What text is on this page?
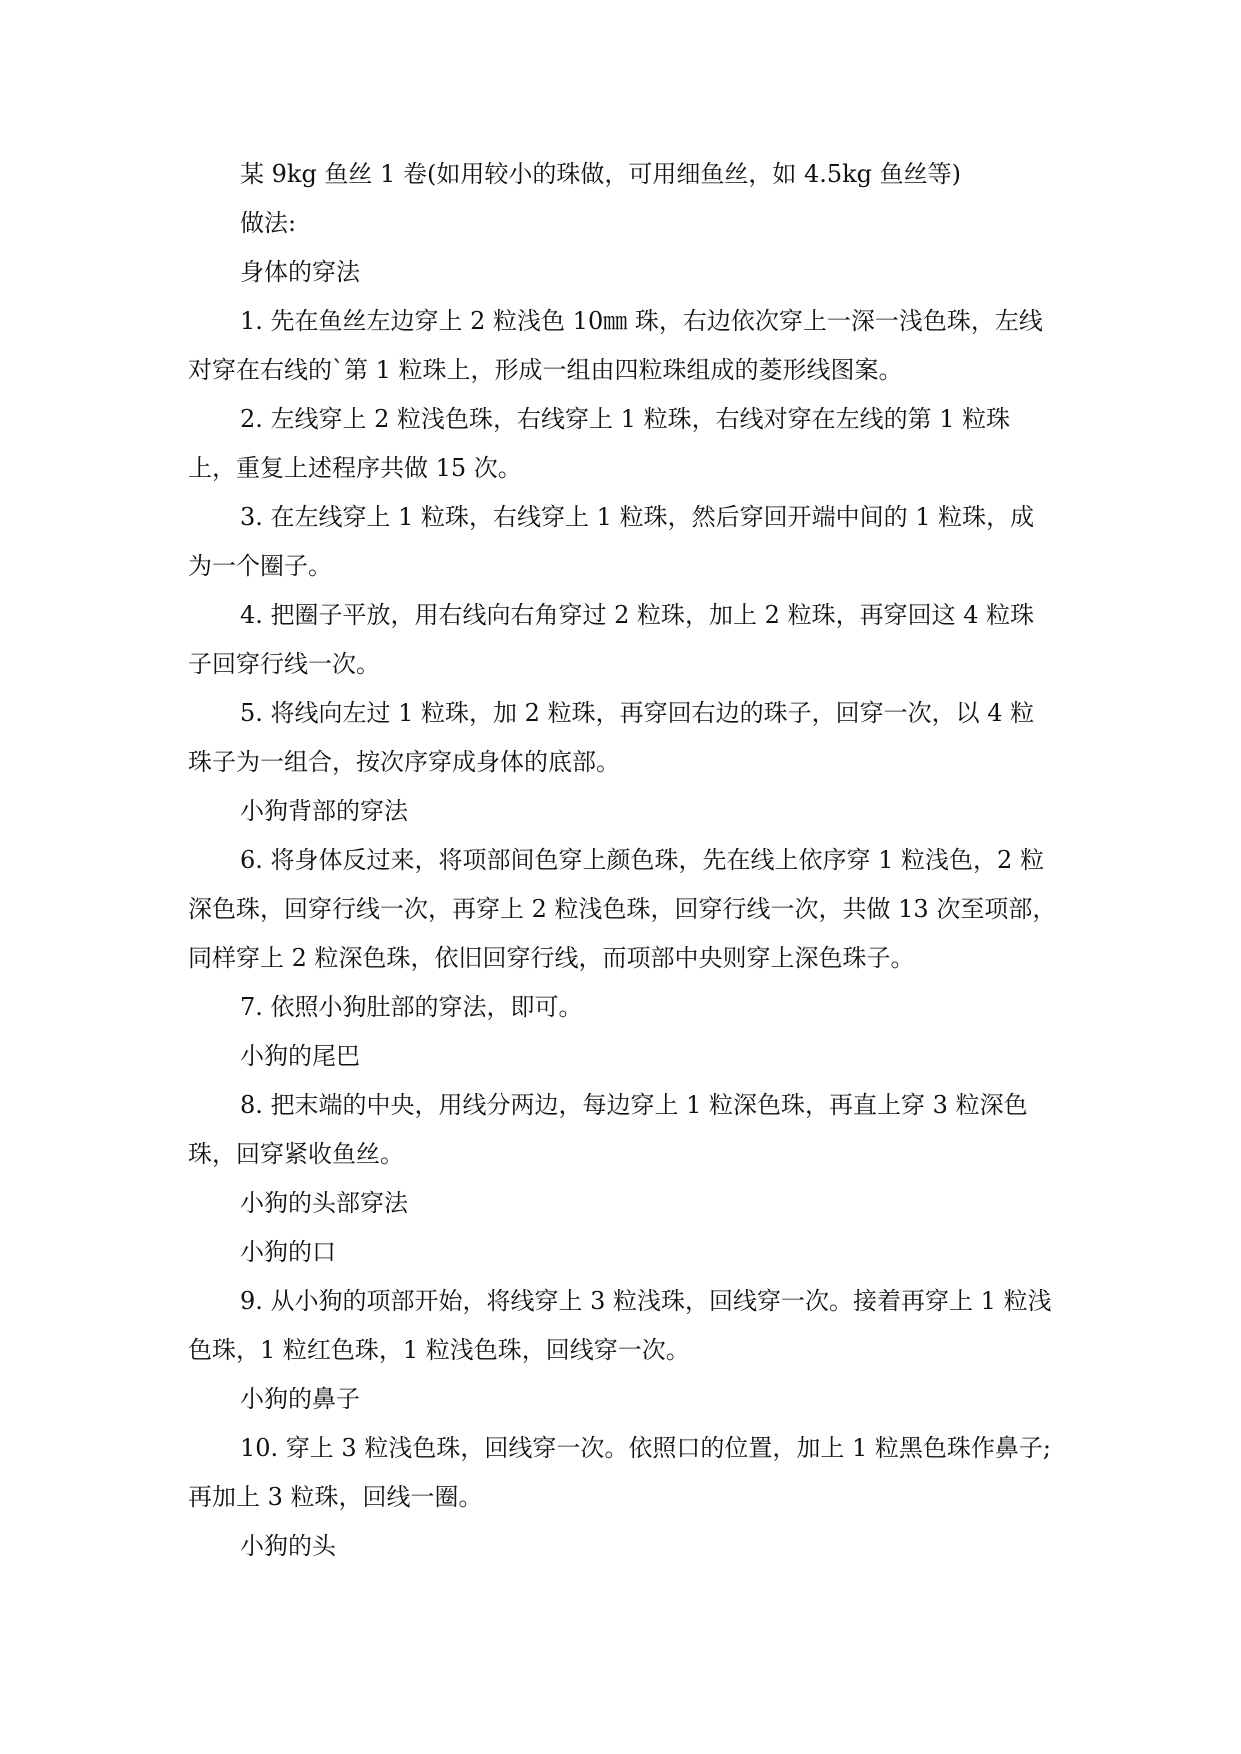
某 9kg 鱼丝 1 卷(如用较小的珠做，可用细鱼丝，如 4.5kg 鱼丝等)

做法:

身体的穿法

1. 先在鱼丝左边穿上 2 粒浅色 10㎜ 珠，右边依次穿上一深一浅色珠，左线对穿在右线的`第 1 粒珠上，形成一组由四粒珠组成的菱形线图案。

2. 左线穿上 2 粒浅色珠，右线穿上 1 粒珠，右线对穿在左线的第 1 粒珠上，重复上述程序共做 15 次。

3. 在左线穿上 1 粒珠，右线穿上 1 粒珠，然后穿回开端中间的 1 粒珠，成为一个圈子。

4. 把圈子平放，用右线向右角穿过 2 粒珠，加上 2 粒珠，再穿回这 4 粒珠子回穿行线一次。

5. 将线向左过 1 粒珠，加 2 粒珠，再穿回右边的珠子，回穿一次，以 4 粒珠子为一组合，按次序穿成身体的底部。

小狗背部的穿法

6. 将身体反过来，将项部间色穿上颜色珠，先在线上依序穿 1 粒浅色，2 粒深色珠，回穿行线一次，再穿上 2 粒浅色珠，回穿行线一次，共做 13 次至项部，同样穿上 2 粒深色珠，依旧回穿行线，而项部中央则穿上深色珠子。

7. 依照小狗肚部的穿法，即可。

小狗的尾巴

8. 把末端的中央，用线分两边，每边穿上 1 粒深色珠，再直上穿 3 粒深色珠，回穿紧收鱼丝。

小狗的头部穿法

小狗的口

9. 从小狗的项部开始，将线穿上 3 粒浅珠，回线穿一次。接着再穿上 1 粒浅色珠，1 粒红色珠，1 粒浅色珠，回线穿一次。

小狗的鼻子

10. 穿上 3 粒浅色珠，回线穿一次。依照口的位置，加上 1 粒黑色珠作鼻子;再加上 3 粒珠，回线一圈。

小狗的头
